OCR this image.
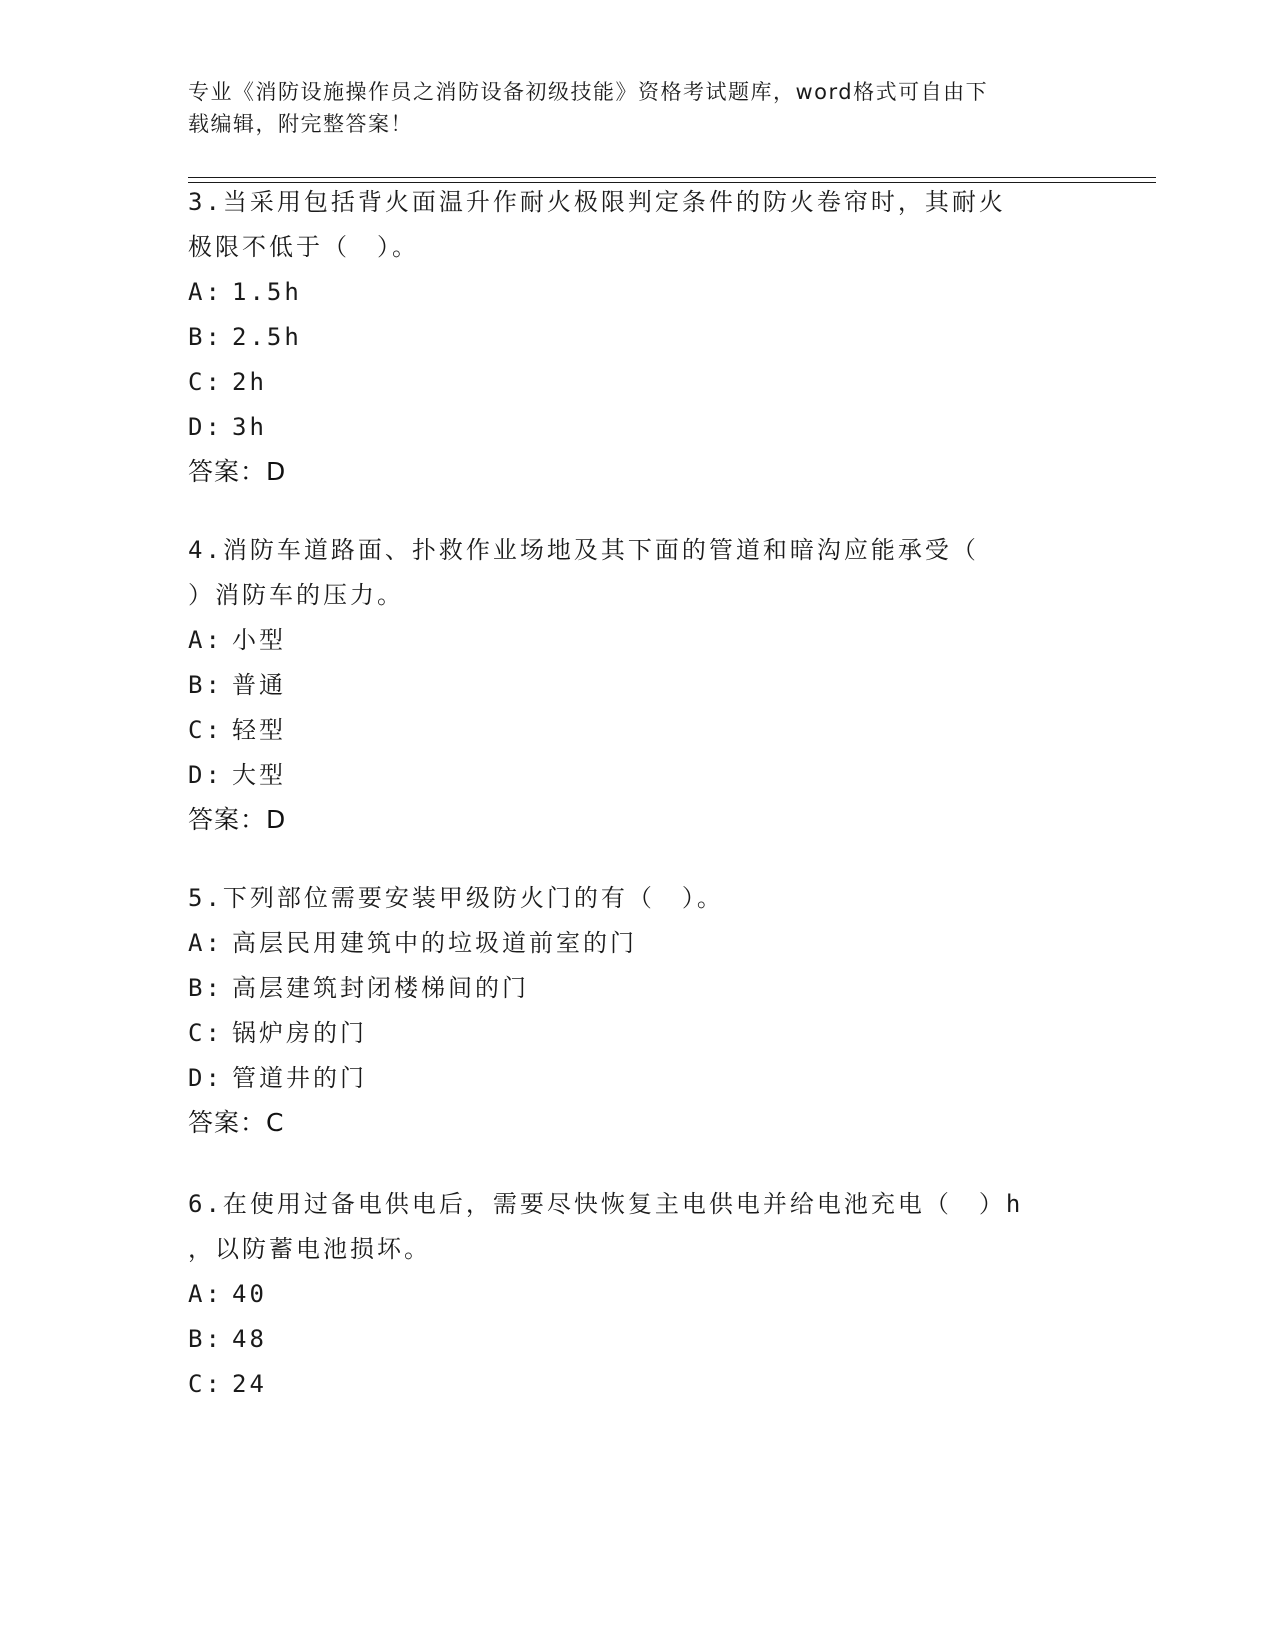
专业《消防设施操作员之消防设备初级技能》资格考试题库，word格式可自由下
载编辑，附完整答案！
3.当采用包括背火面温升作耐火极限判定条件的防火卷帘时，其耐火
极限不低于（　）。
A: 1.5h
B: 2.5h
C: 2h
D: 3h
答案：D
4.消防车道路面、扑救作业场地及其下面的管道和暗沟应能承受（
）消防车的压力。
A: 小型
B: 普通
C: 轻型
D: 大型
答案：D
5.下列部位需要安装甲级防火门的有（　）。
A: 高层民用建筑中的垃圾道前室的门
B: 高层建筑封闭楼梯间的门
C: 锅炉房的门
D: 管道井的门
答案：C
6.在使用过备电供电后，需要尽快恢复主电供电并给电池充电（　）h
，以防蓄电池损坏。
A: 40
B: 48
C: 24
